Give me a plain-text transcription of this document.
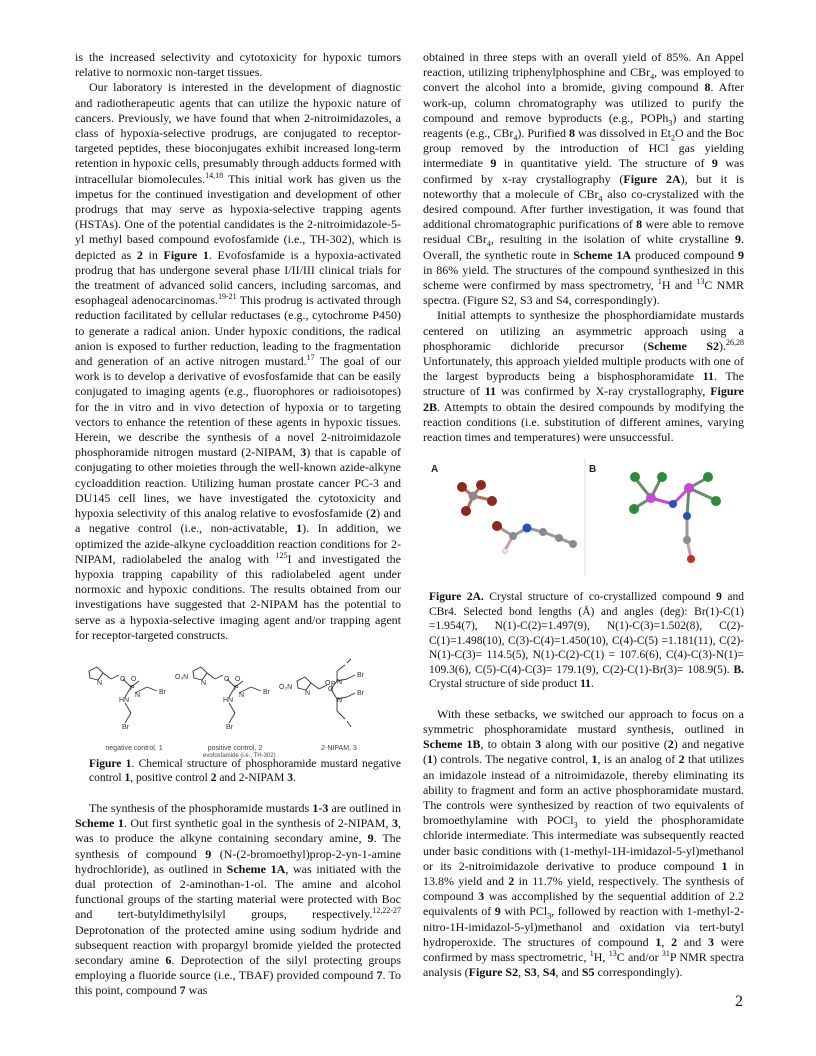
is the increased selectivity and cytotoxicity for hypoxic tumors relative to normoxic non-target tissues.

Our laboratory is interested in the development of diagnostic and radiotherapeutic agents that can utilize the hypoxic nature of cancers. Previously, we have found that when 2-nitroimidazoles, a class of hypoxia-selective prodrugs, are conjugated to receptor-targeted peptides, these bioconjugates exhibit increased long-term retention in hypoxic cells, presumably through adducts formed with intracellular biomolecules.$^{14,18}$ This initial work has given us the impetus for the continued investigation and development of other prodrugs that may serve as hypoxia-selective trapping agents (HSTAs). One of the potential candidates is the 2-nitroimidazole-5-yl methyl based compound evofosfamide (i.e., TH-302), which is depicted as 2 in Figure 1. Evofosfamide is a hypoxia-activated prodrug that has undergone several phase I/II/III clinical trials for the treatment of advanced solid cancers, including sarcomas, and esophageal adenocarcinomas.$^{19-21}$ This prodrug is activated through reduction facilitated by cellular reductases (e.g., cytochrome P450) to generate a radical anion. Under hypoxic conditions, the radical anion is exposed to further reduction, leading to the fragmentation and generation of an active nitrogen mustard.$^{17}$ The goal of our work is to develop a derivative of evosfosfamide that can be easily conjugated to imaging agents (e.g., fluorophores or radioisotopes) for the in vitro and in vivo detection of hypoxia or to targeting vectors to enhance the retention of these agents in hypoxic tissues. Herein, we describe the synthesis of a novel 2-nitroimidazole phosphoramide nitrogen mustard (2-NIPAM, 3) that is capable of conjugating to other moieties through the well-known azide-alkyne cycloaddition reaction. Utilizing human prostate cancer PC-3 and DU145 cell lines, we have investigated the cytotoxicity and hypoxia selectivity of this analog relative to evosfosfamide (2) and a negative control (i.e., non-activatable, 1). In addition, we optimized the azide-alkyne cycloaddition reaction conditions for 2-NIPAM, radiolabeled the analog with $^{125}$I and investigated the hypoxia trapping capability of this radiolabeled agent under normoxic and hypoxic conditions. The results obtained from our investigations have suggested that 2-NIPAM has the potential to serve as a hypoxia-selective imaging agent and/or trapping agent for receptor-targeted constructs.

O O
P
N	Br
HN
Br
N
O₂N	O O
P
N	Br
HN
Br
N
O₂N	O
P
Br
Br
N
N
O
N
negative control, 1	positive control, 2
evofosfamide (i.e., TH-302)
2-NIPAM, 3

Figure 1. Chemical structure of phosphoramide mustard negative control 1, positive control 2 and 2-NIPAM 3.

The synthesis of the phosphoramide mustards 1-3 are outlined in Scheme 1. Out first synthetic goal in the synthesis of 2-NIPAM, 3, was to produce the alkyne containing secondary amine, 9. The synthesis of compound 9 (N-(2-bromoethyl)prop-2-yn-1-amine hydrochloride), as outlined in Scheme 1A, was initiated with the dual protection of 2-aminothan-1-ol. The amine and alcohol functional groups of the starting material were protected with Boc and tert-butyldimethylsilyl groups, respectively.$^{12,22-27}$ Deprotonation of the protected amine using sodium hydride and subsequent reaction with propargyl bromide yielded the protected secondary amine 6. Deprotection of the silyl protecting groups employing a fluoride source (i.e., TBAF) provided compound 7. To this point, compound 7 was

obtained in three steps with an overall yield of 85%. An Appel reaction, utilizing triphenylphosphine and CBr$_4$, was employed to convert the alcohol into a bromide, giving compound 8. After work-up, column chromatography was utilized to purify the compound and remove byproducts (e.g., POPh$_3$) and starting reagents (e.g., CBr$_4$). Purified 8 was dissolved in $Et_2O$ and the Boc group removed by the introduction of HCl gas yielding intermediate 9 in quantitative yield. The structure of 9 was confirmed by x-ray crystallography (Figure 2A), but it is noteworthy that a molecule of CBr$_4$ also co-crystalized with the desired compound. After further investigation, it was found that additional chromatographic purifications of 8 were able to remove residual CBr$_4$, resulting in the isolation of white crystalline 9. Overall, the synthetic route in Scheme 1A produced compound 9 in 86% yield. The structures of the compound synthesized in this scheme were confirmed by mass spectrometry, $^1$H and $^{13}$C NMR spectra. (Figure S2, S3 and S4, correspondingly).

Initial attempts to synthesize the phosphordiamidate mustards centered on utilizing an asymmetric approach using a phosphoramic dichloride precursor (Scheme S2).$^{26,28}$ Unfortunately, this approach yielded multiple products with one of the largest byproducts being a bisphosphoramidate 11. The structure of 11 was confirmed by X-ray crystallography, Figure 2B. Attempts to obtain the desired compounds by modifying the reaction conditions (i.e. substitution of different amines, varying reaction times and temperatures) were unsuccessful.

A	B

Figure 2A. Crystal structure of co-crystallized compound 9 and CBr4. Selected bond lengths (Å) and angles (deg): Br(1)-C(1) =1.954(7), N(1)-C(2)=1.497(9), N(1)-C(3)=1.502(8), C(2)-C(1)=1.498(10), C(3)-C(4)=1.450(10), C(4)-C(5) =1.181(11), C(2)-N(1)-C(3)= 114.5(5), N(1)-C(2)-C(1) = 107.6(6), C(4)-C(3)-N(1)= 109.3(6), C(5)-C(4)-C(3)= 179.1(9), C(2)-C(1)-Br(3)= 108.9(5). B. Crystal structure of side product 11.

With these setbacks, we switched our approach to focus on a symmetric phosphoramidate mustard synthesis, outlined in Scheme 1B, to obtain 3 along with our positive (2) and negative (1) controls. The negative control, 1, is an analog of 2 that utilizes an imidazole instead of a nitroimidazole, thereby eliminating its ability to fragment and form an active phosphoramidate mustard. The controls were synthesized by reaction of two equivalents of bromoethylamine with POCl$_3$ to yield the phosphoramidate chloride intermediate. This intermediate was subsequently reacted under basic conditions with (1-methyl-1H-imidazol-5-yl)methanol or its 2-nitroimidazole derivative to produce compound 1 in 13.8% yield and 2 in 11.7% yield, respectively. The synthesis of compound 3 was accomplished by the sequential addition of 2.2 equivalents of 9 with PCl$_3$, followed by reaction with 1-methyl-2-nitro-1H-imidazol-5-yl)methanol and oxidation via tert-butyl hydroperoxide. The structures of compound 1, 2 and 3 were confirmed by mass spectrometric, $^1$H, $^{13}$C and/or $^{31}$P NMR spectra analysis (Figure S2, S3, S4, and S5 correspondingly).

2
